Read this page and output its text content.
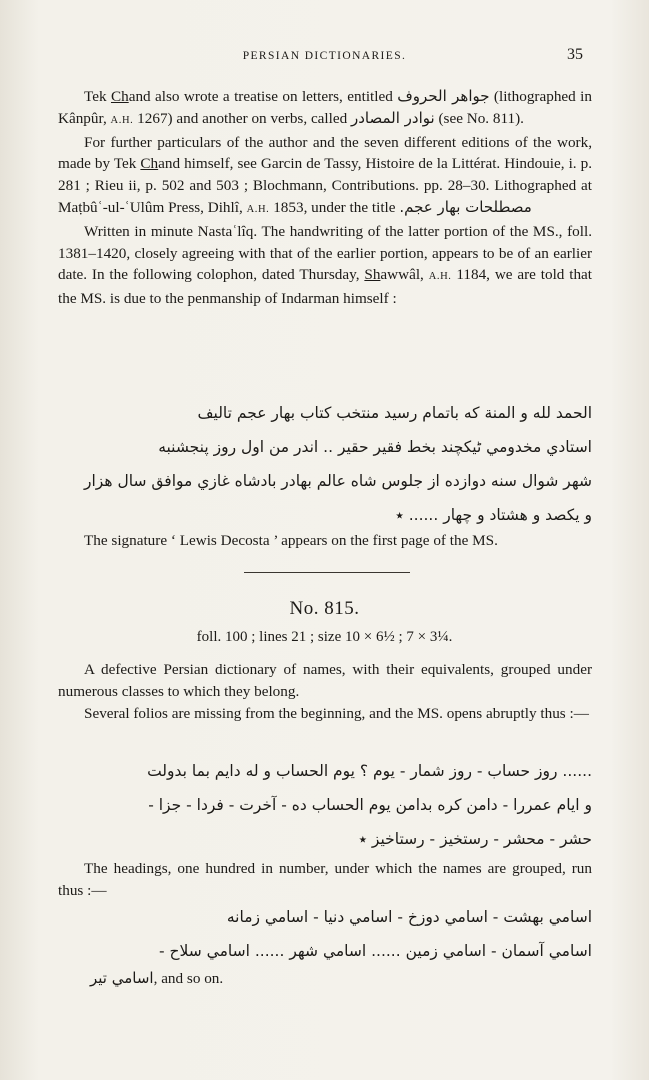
PERSIAN DICTIONARIES.	35

Tek Chand also wrote a treatise on letters, entitled جواهر الحروف (lithographed in Kânpûr, A.H. 1267) and another on verbs, called نوادر المصادر (see No. 811).

For further particulars of the author and the seven different editions of the work, made by Tek Chand himself, see Garcin de Tassy, Histoire de la Littérat. Hindouie, i. p. 281 ; Rieu ii, p. 502 and 503 ; Blochmann, Contributions. pp. 28–30. Lithographed at Maṭbûʿ-ul-ʿUlûm Press, Dihlî, A.H. 1853, under the title مصطلحات بهار عجم.

Written in minute Nastaʿlîq. The handwriting of the latter portion of the MS., foll. 1381–1420, closely agreeing with that of the earlier portion, appears to be of an earlier date. In the following colophon, dated Thursday, Shawwâl, A.H. 1184, we are told that the MS. is due to the penmanship of Indarman himself :

الحمد لله و المنة كه باتمام رسيد منتخب كتاب بهار عجم تاليف
استادي مخدومي ٹیکچند بخط فقير حقير .. اندر من اول روز پنجشنبه
شهر شوال سنه دوازده از جلوس شاه عالم بهادر بادشاه غازي موافق سال هزار
و يكصد و هشتاد و چهار ...... ٭

The signature ‘ Lewis Decosta ’ appears on the first page of the MS.

No. 815.
foll. 100 ; lines 21 ; size 10 × 6½ ; 7 × 3¼.

A defective Persian dictionary of names, with their equivalents, grouped under numerous classes to which they belong.

Several folios are missing from the beginning, and the MS. opens abruptly thus :—

...... روز حساب - روز شمار - يوم ؟ يوم الحساب و له دايم بما بدولت
و ايام عمررا - دامن كره بدامن يوم الحساب ده - آخرت - فردا - جزا -
حشر - محشر - رستخيز - رستاخيز ٭

The headings, one hundred in number, under which the names are grouped, run thus :—

اسامي بهشت - اسامي دوزخ - اسامي دنيا - اسامي زمانه
اسامي آسمان - اسامي زمين ...... اسامي شهر ...... اسامي سلاح -
اسامي تير, and so on.
